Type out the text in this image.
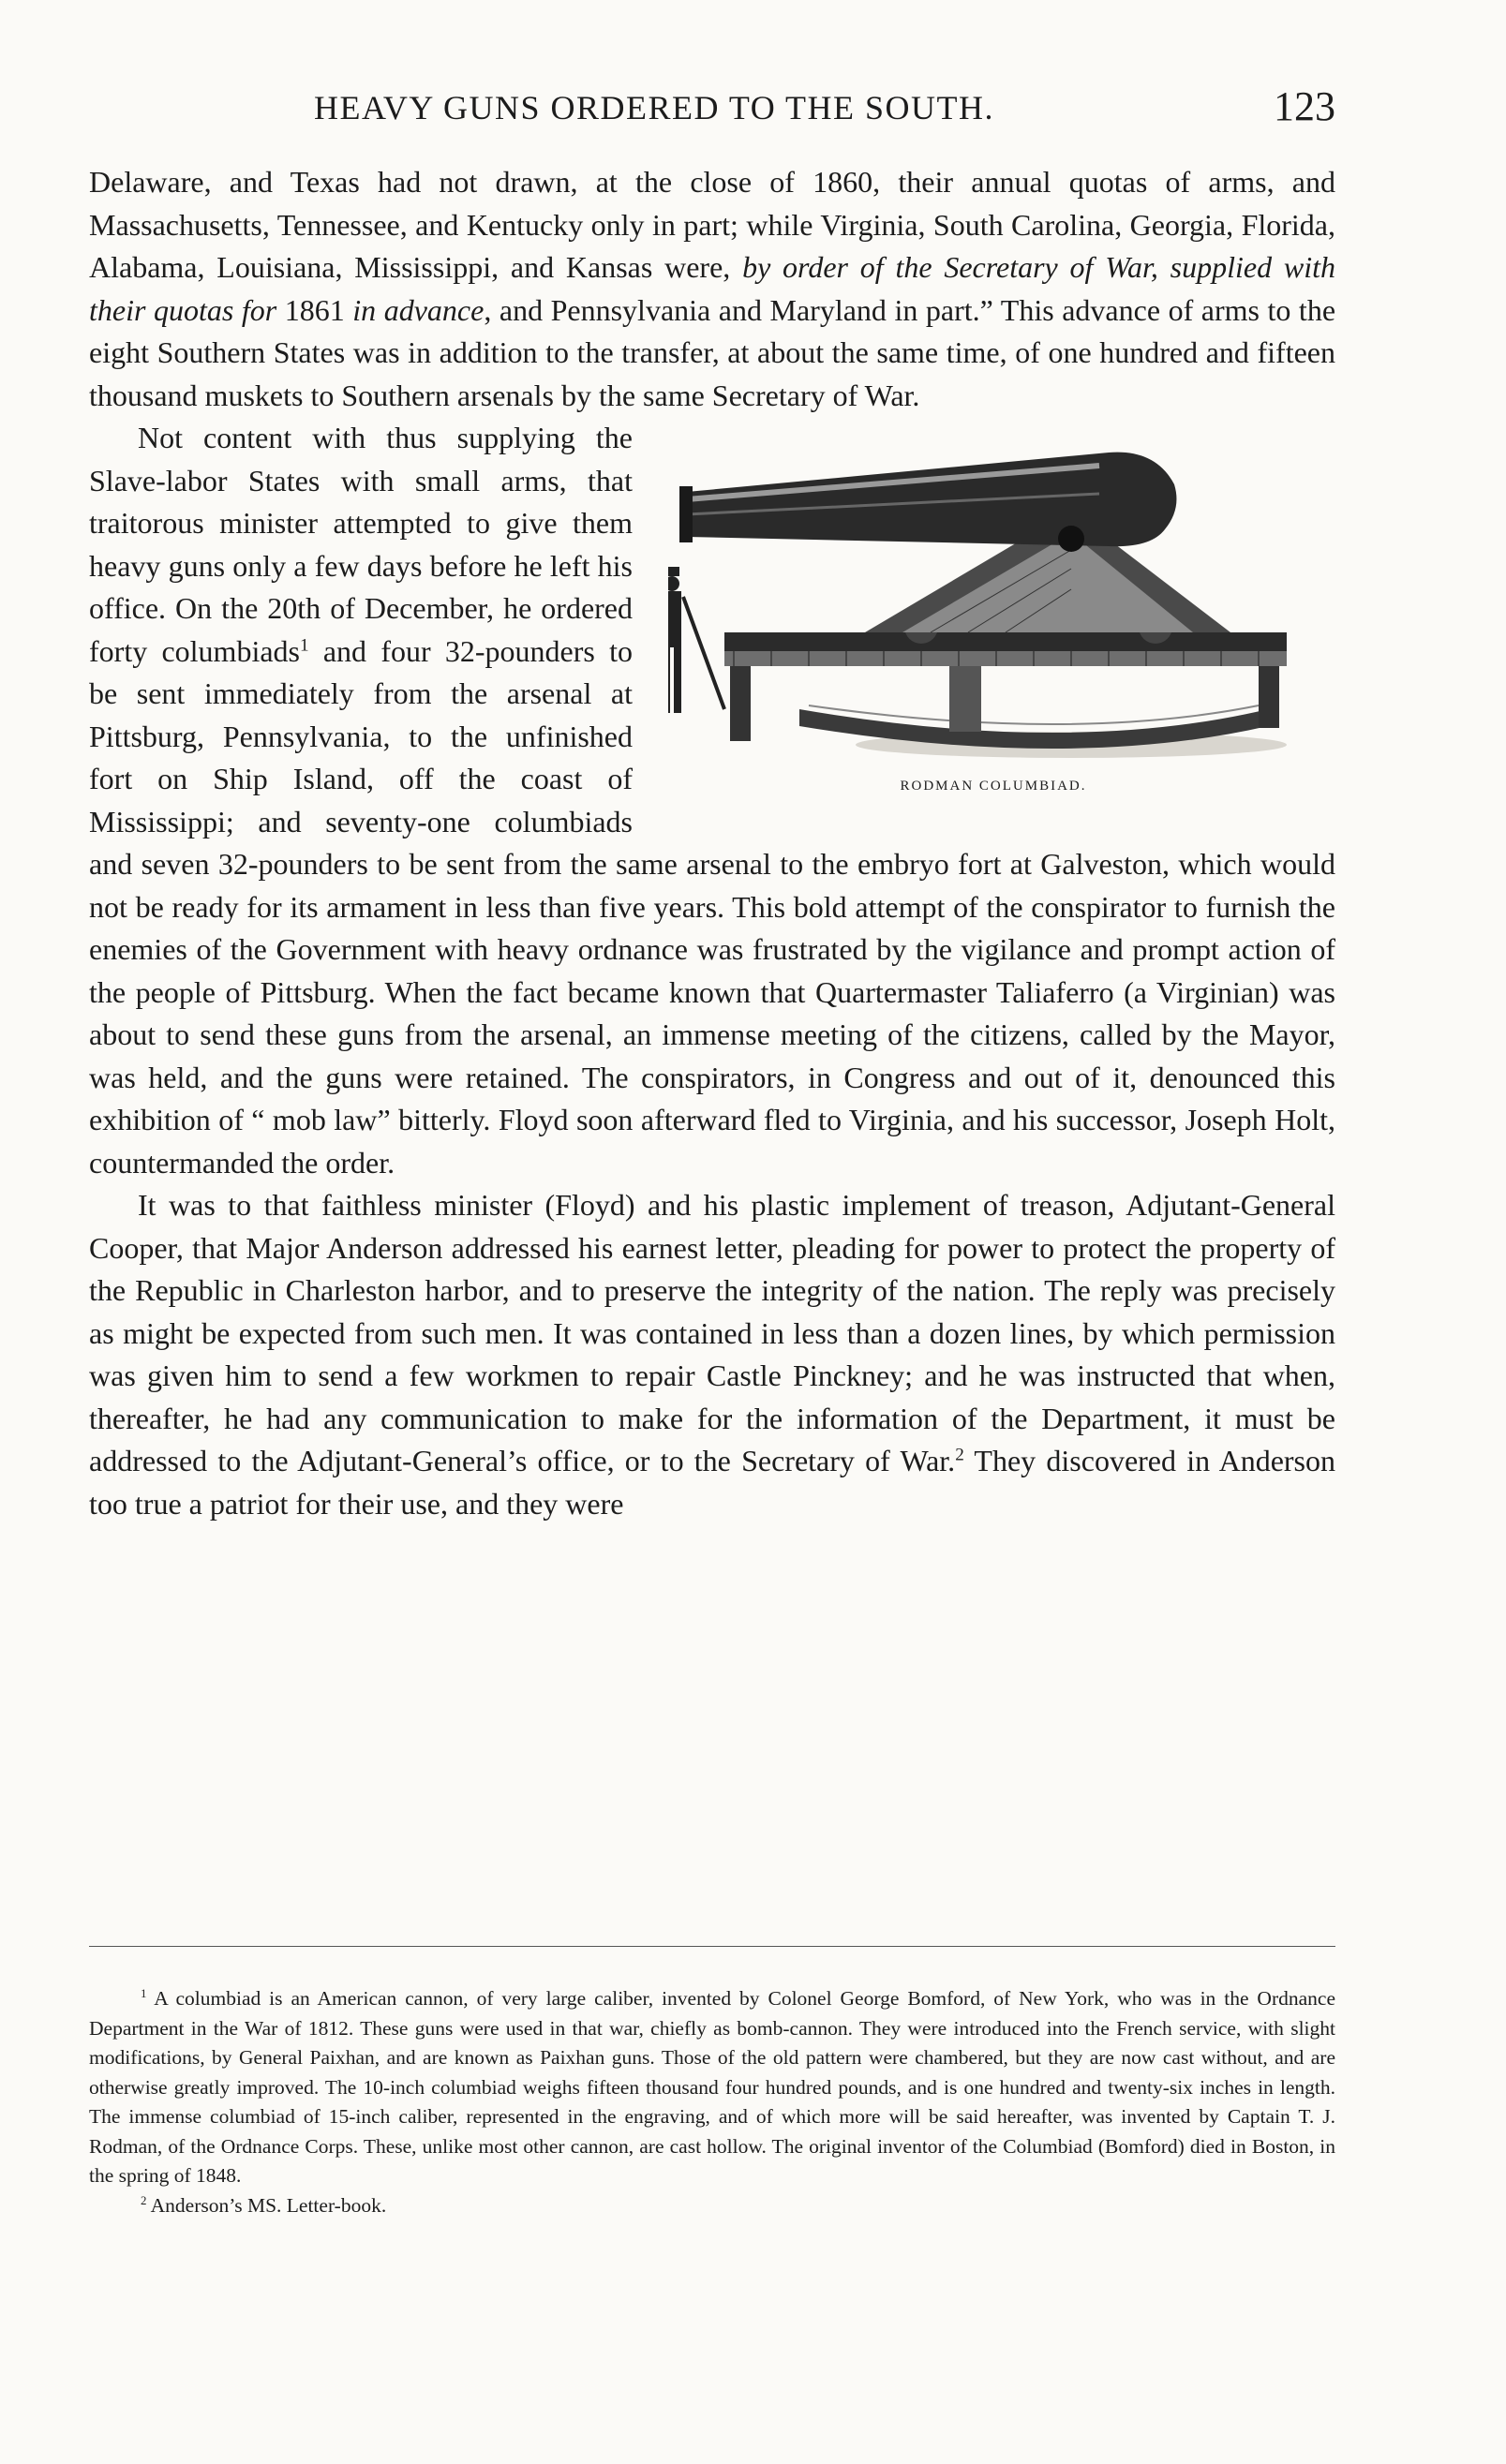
HEAVY GUNS ORDERED TO THE SOUTH.	123

Delaware, and Texas had not drawn, at the close of 1860, their annual quotas of arms, and Massachusetts, Tennessee, and Kentucky only in part; while Virginia, South Carolina, Georgia, Florida, Alabama, Louisiana, Mississippi, and Kansas were, by order of the Secretary of War, supplied with their quotas for 1861 in advance, and Pennsylvania and Maryland in part.” This advance of arms to the eight Southern States was in addition to the transfer, at about the same time, of one hundred and fifteen thousand muskets to Southern arsenals by the same Secretary of War.

RODMAN COLUMBIAD.

Not content with thus supplying the Slave-labor States with small arms, that traitorous minister attempted to give them heavy guns only a few days before he left his office. On the 20th of December, he ordered forty columbiads$^1$ and four 32-pounders to be sent immediately from the arsenal at Pittsburg, Pennsylvania, to the unfinished fort on Ship Island, off the coast of Mississippi; and seventy-one columbiads and seven 32-pounders to be sent from the same arsenal to the embryo fort at Galveston, which would not be ready for its armament in less than five years. This bold attempt of the conspirator to furnish the enemies of the Government with heavy ordnance was frustrated by the vigilance and prompt action of the people of Pittsburg. When the fact became known that Quartermaster Taliaferro (a Virginian) was about to send these guns from the arsenal, an immense meeting of the citizens, called by the Mayor, was held, and the guns were retained. The conspirators, in Congress and out of it, denounced this exhibition of “ mob law” bitterly. Floyd soon afterward fled to Virginia, and his successor, Joseph Holt, countermanded the order.

It was to that faithless minister (Floyd) and his plastic implement of treason, Adjutant-General Cooper, that Major Anderson addressed his earnest letter, pleading for power to protect the property of the Republic in Charleston harbor, and to preserve the integrity of the nation. The reply was precisely as might be expected from such men. It was contained in less than a dozen lines, by which permission was given him to send a few workmen to repair Castle Pinckney; and he was instructed that when, thereafter, he had any communication to make for the information of the Department, it must be addressed to the Adjutant-General’s office, or to the Secretary of War.$^2$ They discovered in Anderson too true a patriot for their use, and they were

$^1$ A columbiad is an American cannon, of very large caliber, invented by Colonel George Bomford, of New York, who was in the Ordnance Department in the War of 1812. These guns were used in that war, chiefly as bomb-cannon. They were introduced into the French service, with slight modifications, by General Paixhan, and are known as Paixhan guns. Those of the old pattern were chambered, but they are now cast without, and are otherwise greatly improved. The 10-inch columbiad weighs fifteen thousand four hundred pounds, and is one hundred and twenty-six inches in length. The immense columbiad of 15-inch caliber, represented in the engraving, and of which more will be said hereafter, was invented by Captain T. J. Rodman, of the Ordnance Corps. These, unlike most other cannon, are cast hollow. The original inventor of the Columbiad (Bomford) died in Boston, in the spring of 1848.

$^2$ Anderson’s MS. Letter-book.
